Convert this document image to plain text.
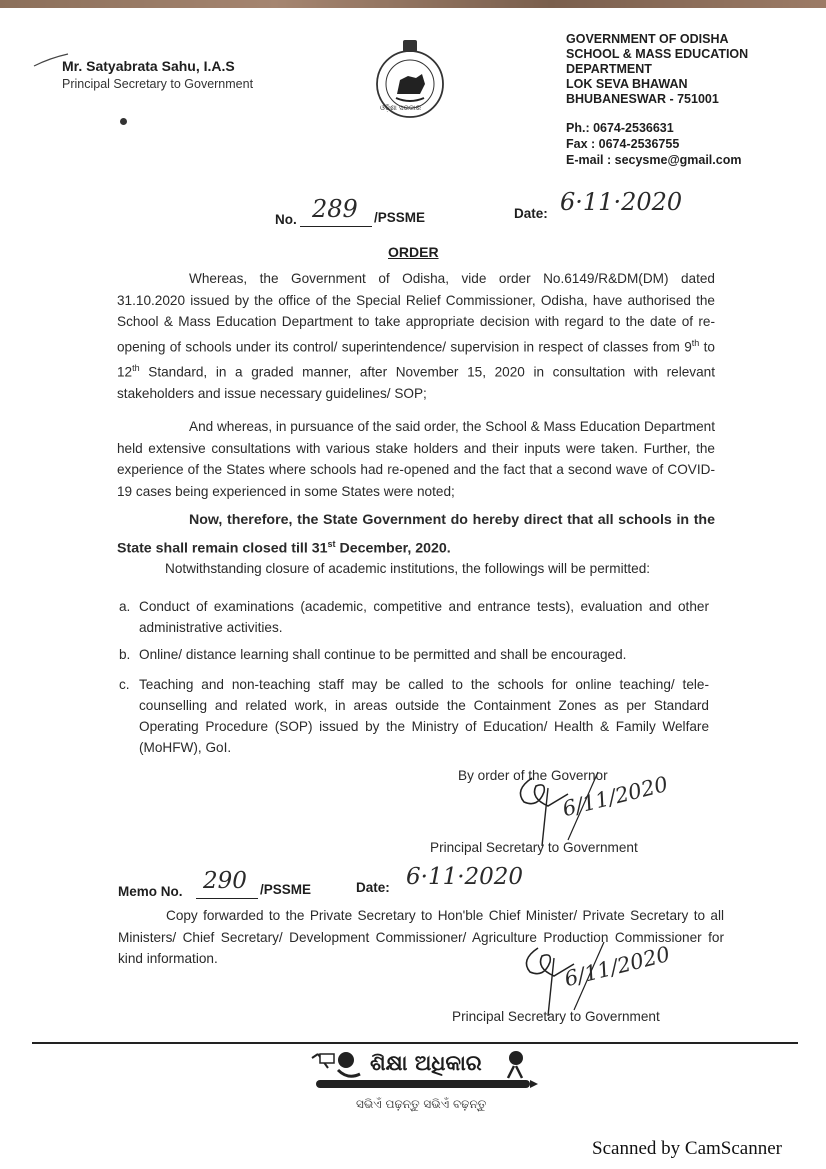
Mr. Satyabrata Sahu, I.A.S
Principal Secretary to Government
ଓଡ଼ିଶା ସରକାର
GOVERNMENT OF ODISHA
SCHOOL & MASS EDUCATION
DEPARTMENT
LOK SEVA BHAWAN
BHUBANESWAR - 751001
Ph.: 0674-2536631
Fax : 0674-2536755
E-mail : secysme@gmail.com
No. 289 /PSSME	Date: 6·11·2020
ORDER
Whereas, the Government of Odisha, vide order No.6149/R&DM(DM) dated 31.10.2020 issued by the office of the Special Relief Commissioner, Odisha, have authorised the School & Mass Education Department to take appropriate decision with regard to the date of re-opening of schools under its control/ superintendence/ supervision in respect of classes from 9th to 12th Standard, in a graded manner, after November 15, 2020 in consultation with relevant stakeholders and issue necessary guidelines/ SOP;
And whereas, in pursuance of the said order, the School & Mass Education Department held extensive consultations with various stake holders and their inputs were taken. Further, the experience of the States where schools had re-opened and the fact that a second wave of COVID-19 cases being experienced in some States were noted;
Now, therefore, the State Government do hereby direct that all schools in the State shall remain closed till 31st December, 2020.
Notwithstanding closure of academic institutions, the followings will be permitted:
a. Conduct of examinations (academic, competitive and entrance tests), evaluation and other administrative activities.
b. Online/ distance learning shall continue to be permitted and shall be encouraged.
c. Teaching and non-teaching staff may be called to the schools for online teaching/ tele-counselling and related work, in areas outside the Containment Zones as per Standard Operating Procedure (SOP) issued by the Ministry of Education/ Health & Family Welfare (MoHFW), GoI.
By order of the Governor
6/11/2020
Principal Secretary to Government
Memo No. 290 /PSSME	Date: 6·11·2020
Copy forwarded to the Private Secretary to Hon'ble Chief Minister/ Private Secretary to all Ministers/ Chief Secretary/ Development Commissioner/ Agriculture Production Commissioner for kind information.	6/11/2020
Principal Secretary to Government
ଶିକ୍ଷା ଅଧିକାର
ସଭିଏଁ ପଢ଼ନ୍ତୁ ସଭିଏଁ ବଢ଼ନ୍ତୁ
Scanned by CamScanner
